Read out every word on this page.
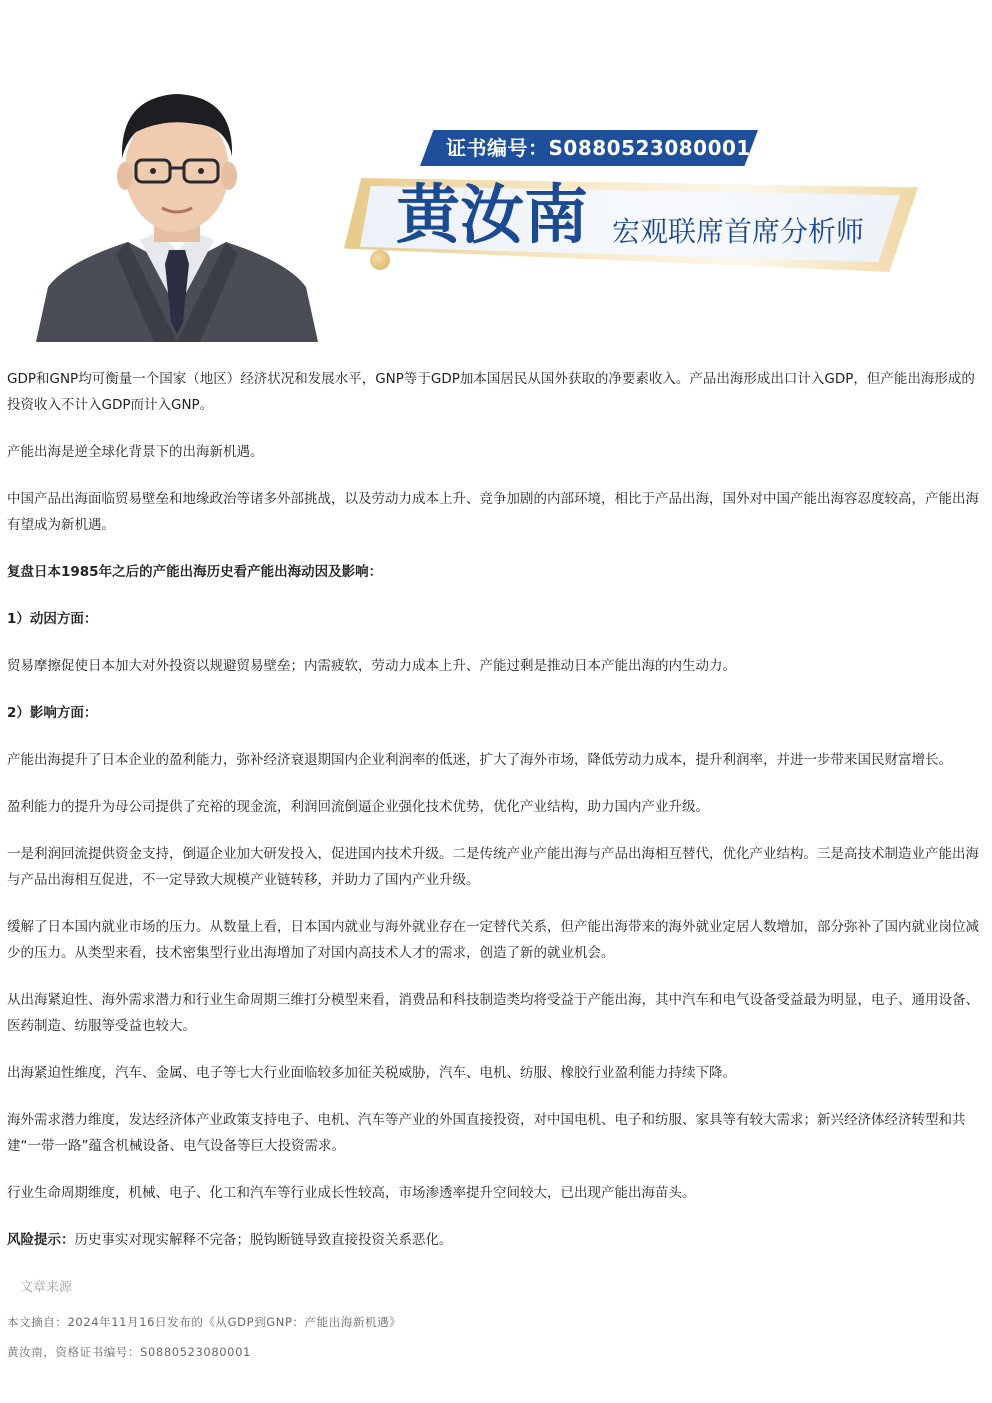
证书编号：S0880523080001
黄汝南 宏观联席首席分析师

GDP和GNP均可衡量一个国家（地区）经济状况和发展水平，GNP等于GDP加本国居民从国外获取的净要素收入。产品出海形成出口计入GDP，但产能出海形成的投资收入不计入GDP而计入GNP。

产能出海是逆全球化背景下的出海新机遇。

中国产品出海面临贸易壁垒和地缘政治等诸多外部挑战，以及劳动力成本上升、竞争加剧的内部环境，相比于产品出海，国外对中国产能出海容忍度较高，产能出海有望成为新机遇。

复盘日本1985年之后的产能出海历史看产能出海动因及影响：

1）动因方面：

贸易摩擦促使日本加大对外投资以规避贸易壁垒；内需疲软，劳动力成本上升、产能过剩是推动日本产能出海的内生动力。

2）影响方面：

产能出海提升了日本企业的盈利能力，弥补经济衰退期国内企业利润率的低迷，扩大了海外市场，降低劳动力成本，提升利润率，并进一步带来国民财富增长。

盈利能力的提升为母公司提供了充裕的现金流，利润回流倒逼企业强化技术优势，优化产业结构，助力国内产业升级。

一是利润回流提供资金支持，倒逼企业加大研发投入，促进国内技术升级。二是传统产业产能出海与产品出海相互替代，优化产业结构。三是高技术制造业产能出海与产品出海相互促进，不一定导致大规模产业链转移，并助力了国内产业升级。

缓解了日本国内就业市场的压力。从数量上看，日本国内就业与海外就业存在一定替代关系，但产能出海带来的海外就业定居人数增加，部分弥补了国内就业岗位减少的压力。从类型来看，技术密集型行业出海增加了对国内高技术人才的需求，创造了新的就业机会。

从出海紧迫性、海外需求潜力和行业生命周期三维打分模型来看，消费品和科技制造类均将受益于产能出海，其中汽车和电气设备受益最为明显，电子、通用设备、医药制造、纺服等受益也较大。

出海紧迫性维度，汽车、金属、电子等七大行业面临较多加征关税威胁，汽车、电机、纺服、橡胶行业盈利能力持续下降。

海外需求潜力维度，发达经济体产业政策支持电子、电机、汽车等产业的外国直接投资，对中国电机、电子和纺服、家具等有较大需求；新兴经济体经济转型和共建“一带一路”蕴含机械设备、电气设备等巨大投资需求。

行业生命周期维度，机械、电子、化工和汽车等行业成长性较高，市场渗透率提升空间较大，已出现产能出海苗头。

风险提示：历史事实对现实解释不完备；脱钩断链导致直接投资关系恶化。

文章来源
本文摘自：2024年11月16日发布的《从GDP到GNP：产能出海新机遇》
黄汝南，资格证书编号：S0880523080001
